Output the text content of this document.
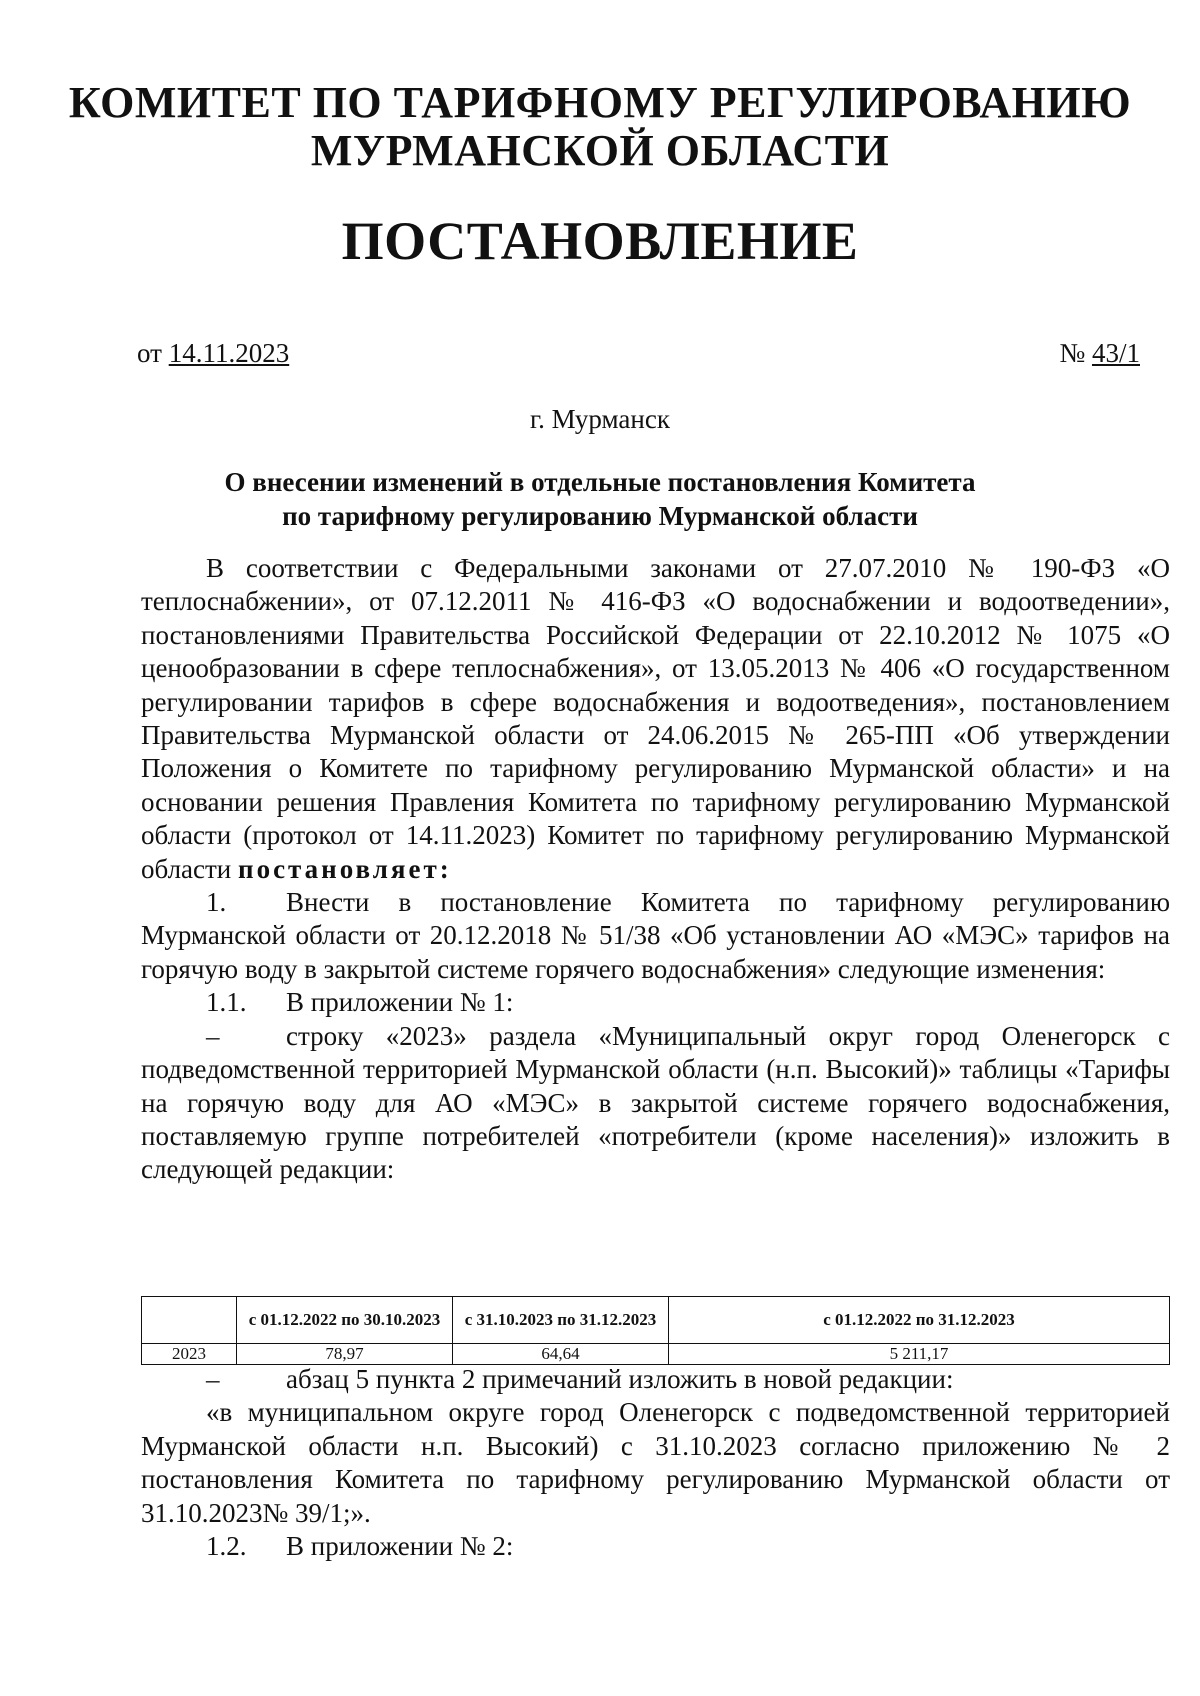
КОМИТЕТ ПО ТАРИФНОМУ РЕГУЛИРОВАНИЮ
МУРМАНСКОЙ ОБЛАСТИ
ПОСТАНОВЛЕНИЕ
от 14.11.2023	№ 43/1
г. Мурманск
О внесении изменений в отдельные постановления Комитета
по тарифному регулированию Мурманской области

В соответствии с Федеральными законами от 27.07.2010 № 190-ФЗ «О теплоснабжении», от 07.12.2011 № 416-ФЗ «О водоснабжении и водоотведении», постановлениями Правительства Российской Федерации от 22.10.2012 № 1075 «О ценообразовании в сфере теплоснабжения», от 13.05.2013 № 406 «О государственном регулировании тарифов в сфере водоснабжения и водоотведения», постановлением Правительства Мурманской области от 24.06.2015 № 265-ПП «Об утверждении Положения о Комитете по тарифному регулированию Мурманской области» и на основании решения Правления Комитета по тарифному регулированию Мурманской области (протокол от 14.11.2023) Комитет по тарифному регулированию Мурманской области постановляет:

1. Внести в постановление Комитета по тарифному регулированию Мурманской области от 20.12.2018 № 51/38 «Об установлении АО «МЭС» тарифов на горячую воду в закрытой системе горячего водоснабжения» следующие изменения:

1.1. В приложении № 1:

– строку «2023» раздела «Муниципальный округ город Оленегорск с подведомственной территорией Мурманской области (н.п. Высокий)» таблицы «Тарифы на горячую воду для АО «МЭС» в закрытой системе горячего водоснабжения, поставляемую группе потребителей «потребители (кроме населения)» изложить в следующей редакции:

	с 01.12.2022 по 30.10.2023	с 31.10.2023 по 31.12.2023	с 01.12.2022 по 31.12.2023
2023	78,97	64,64	5 211,17

– абзац 5 пункта 2 примечаний изложить в новой редакции:

«в муниципальном округе город Оленегорск с подведомственной территорией Мурманской области н.п. Высокий) с 31.10.2023 согласно приложению № 2 постановления Комитета по тарифному регулированию Мурманской области от 31.10.2023№ 39/1;».

1.2. В приложении № 2:
